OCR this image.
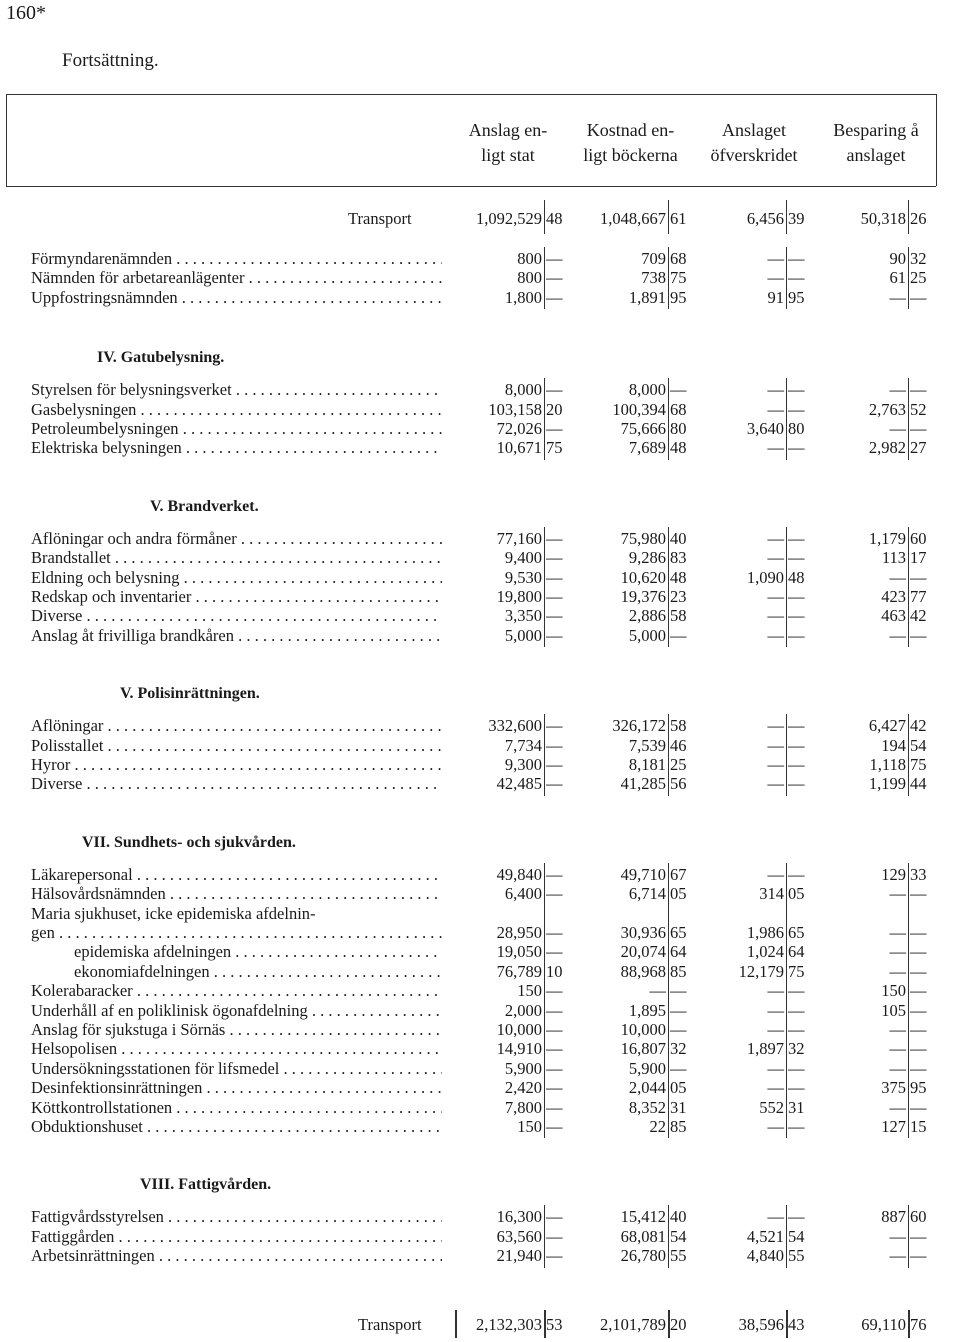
160*
Fortsättning.
Anslag en-
ligt stat
Kostnad en-
ligt böckerna
Anslaget
öfverskridet
Besparing å
anslaget
Transport	1,092,529 48	1,048,667 61	6,456 39	50,318 26
Förmyndarenämnden . . .	800 —	709 68	— —	90 32
Nämnden för arbetareanlägenter . . .	800 —	738 75	— —	61 25
Uppfostringsnämnden . . .	1,800 —	1,891 95	91 95	— —
IV. Gatubelysning.
Styrelsen för belysningsverket . . .	8,000 —	8,000 —	— —	— —
Gasbelysningen . . .	103,158 20	100,394 68	— —	2,763 52
Petroleumbelysningen . . .	72,026 —	75,666 80	3,640 80	— —
Elektriska belysningen . . .	10,671 75	7,689 48	— —	2,982 27
V. Brandverket.
Aflöningar och andra förmåner . . .	77,160 —	75,980 40	— —	1,179 60
Brandstallet . . .	9,400 —	9,286 83	— —	113 17
Eldning och belysning . . .	9,530 —	10,620 48	1,090 48	— —
Redskap och inventarier . . .	19,800 —	19,376 23	— —	423 77
Diverse . . .	3,350 —	2,886 58	— —	463 42
Anslag åt frivilliga brandkåren . . .	5,000 —	5,000 —	— —	— —
V. Polisinrättningen.
Aflöningar . . .	332,600 —	326,172 58	— —	6,427 42
Polisstallet . . .	7,734 —	7,539 46	— —	194 54
Hyror . . .	9,300 —	8,181 25	— —	1,118 75
Diverse . . .	42,485 —	41,285 56	— —	1,199 44
VII. Sundhets- och sjukvården.
Läkarepersonal . . .	49,840 —	49,710 67	— —	129 33
Hälsovårdsnämnden . . .	6,400 —	6,714 05	314 05	— —
Maria sjukhuset, icke epidemiska afdelnin-
gen . . .	28,950 —	30,936 65	1,986 65	— —
epidemiska afdelningen . . .	19,050 —	20,074 64	1,024 64	— —
ekonomiafdelningen . . .	76,789 10	88,968 85	12,179 75	— —
Kolerabaracker . . .	150 —	— —	— —	150 —
Underhåll af en poliklinisk ögonafdelning . . .	2,000 —	1,895 —	— —	105 —
Anslag för sjukstuga i Sörnäs . . .	10,000 —	10,000 —	— —	— —
Helsopolisen . . .	14,910 —	16,807 32	1,897 32	— —
Undersökningsstationen för lifsmedel . . .	5,900 —	5,900 —	— —	— —
Desinfektionsinrättningen . . .	2,420 —	2,044 05	— —	375 95
Köttkontrollstationen . . .	7,800 —	8,352 31	552 31	— —
Obduktionshuset . . .	150 —	22 85	— —	127 15
VIII. Fattigvården.
Fattigvårdsstyrelsen . . .	16,300 —	15,412 40	— —	887 60
Fattiggården . . .	63,560 —	68,081 54	4,521 54	— —
Arbetsinrättningen . . .	21,940 —	26,780 55	4,840 55	— —
Transport	2,132,303 53	2,101,789 20	38,596 43	69,110 76
